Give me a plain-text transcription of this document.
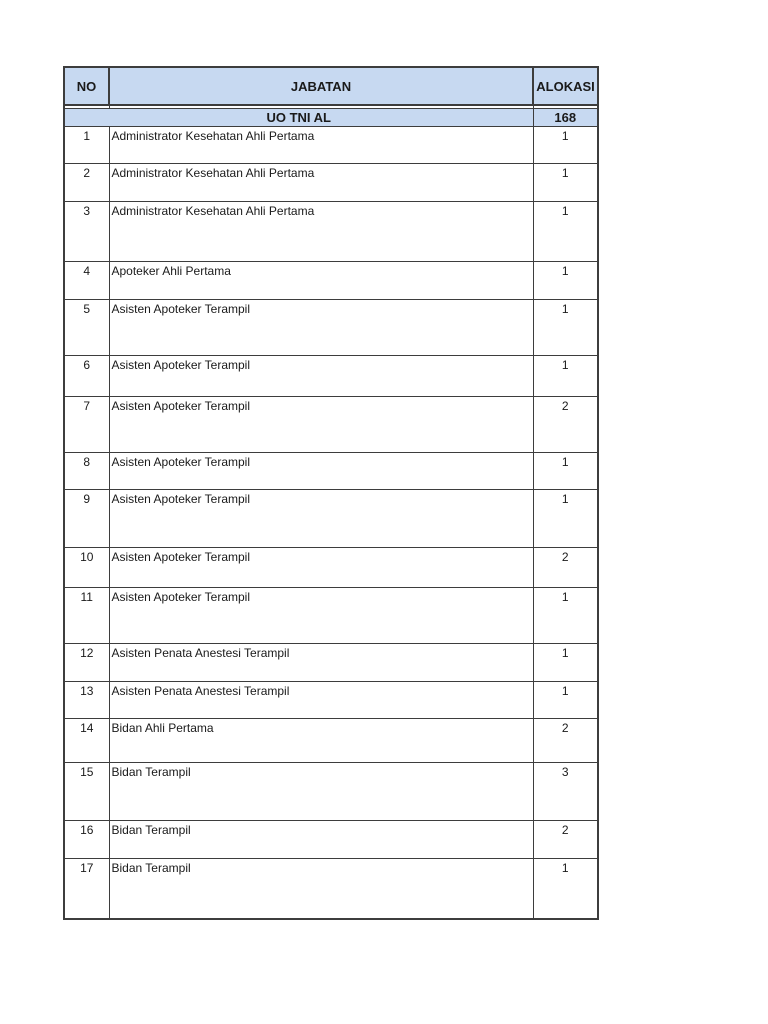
NO	JABATAN	ALOKASI

UO TNI AL		168
1	Administrator Kesehatan Ahli Pertama	1
2	Administrator Kesehatan Ahli Pertama	1
3	Administrator Kesehatan Ahli Pertama	1
4	Apoteker Ahli Pertama	1
5	Asisten Apoteker Terampil	1
6	Asisten Apoteker Terampil	1
7	Asisten Apoteker Terampil	2
8	Asisten Apoteker Terampil	1
9	Asisten Apoteker Terampil	1
10	Asisten Apoteker Terampil	2
11	Asisten Apoteker Terampil	1
12	Asisten Penata Anestesi Terampil	1
13	Asisten Penata Anestesi Terampil	1
14	Bidan Ahli Pertama	2
15	Bidan Terampil	3
16	Bidan Terampil	2
17	Bidan Terampil	1
